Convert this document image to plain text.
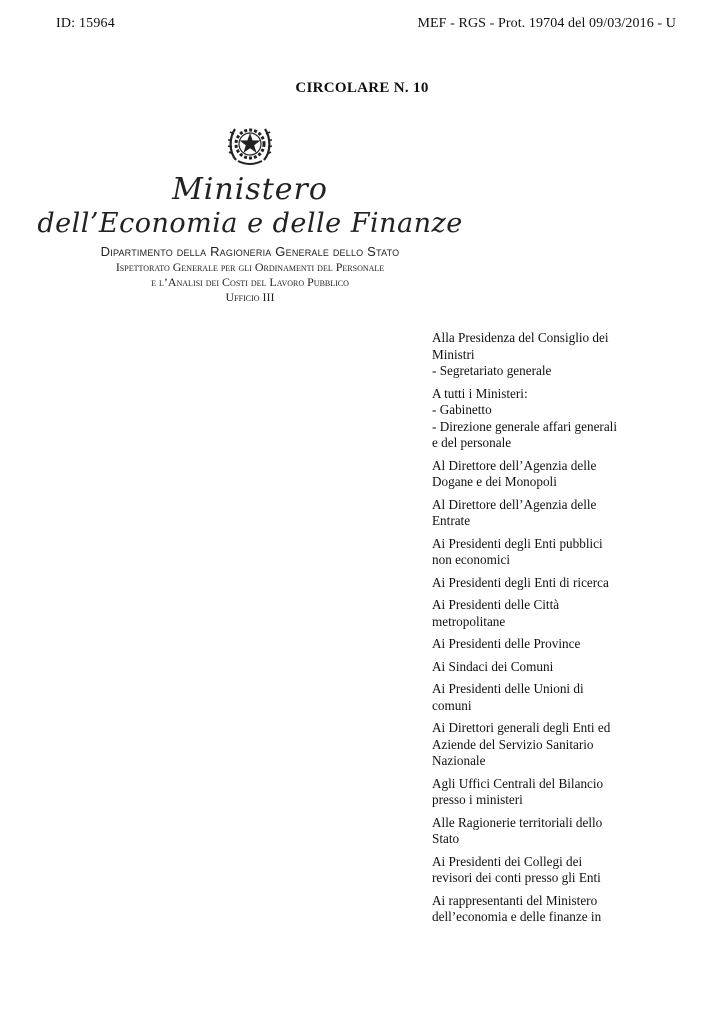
ID: 15964	MEF - RGS - Prot. 19704 del 09/03/2016 - U
CIRCOLARE N. 10
Ministero
dell’Economia e delle Finanze
Dipartimento della Ragioneria Generale dello Stato
Ispettorato Generale per gli Ordinamenti del Personale
e l’Analisi dei Costi del Lavoro Pubblico
Ufficio III
Alla Presidenza del Consiglio dei
Ministri
- Segretariato generale
A tutti i Ministeri:
- Gabinetto
- Direzione generale affari generali
e del personale
Al Direttore dell’Agenzia delle
Dogane e dei Monopoli
Al Direttore dell’Agenzia delle
Entrate
Ai Presidenti degli Enti pubblici
non economici
Ai Presidenti degli Enti di ricerca
Ai Presidenti delle Città
metropolitane
Ai Presidenti delle Province
Ai Sindaci dei Comuni
Ai Presidenti delle Unioni di
comuni
Ai Direttori generali degli Enti ed
Aziende del Servizio Sanitario
Nazionale
Agli Uffici Centrali del Bilancio
presso i ministeri
Alle Ragionerie territoriali dello
Stato
Ai Presidenti dei Collegi dei
revisori dei conti presso gli Enti
Ai rappresentanti del Ministero
dell’economia e delle finanze in
